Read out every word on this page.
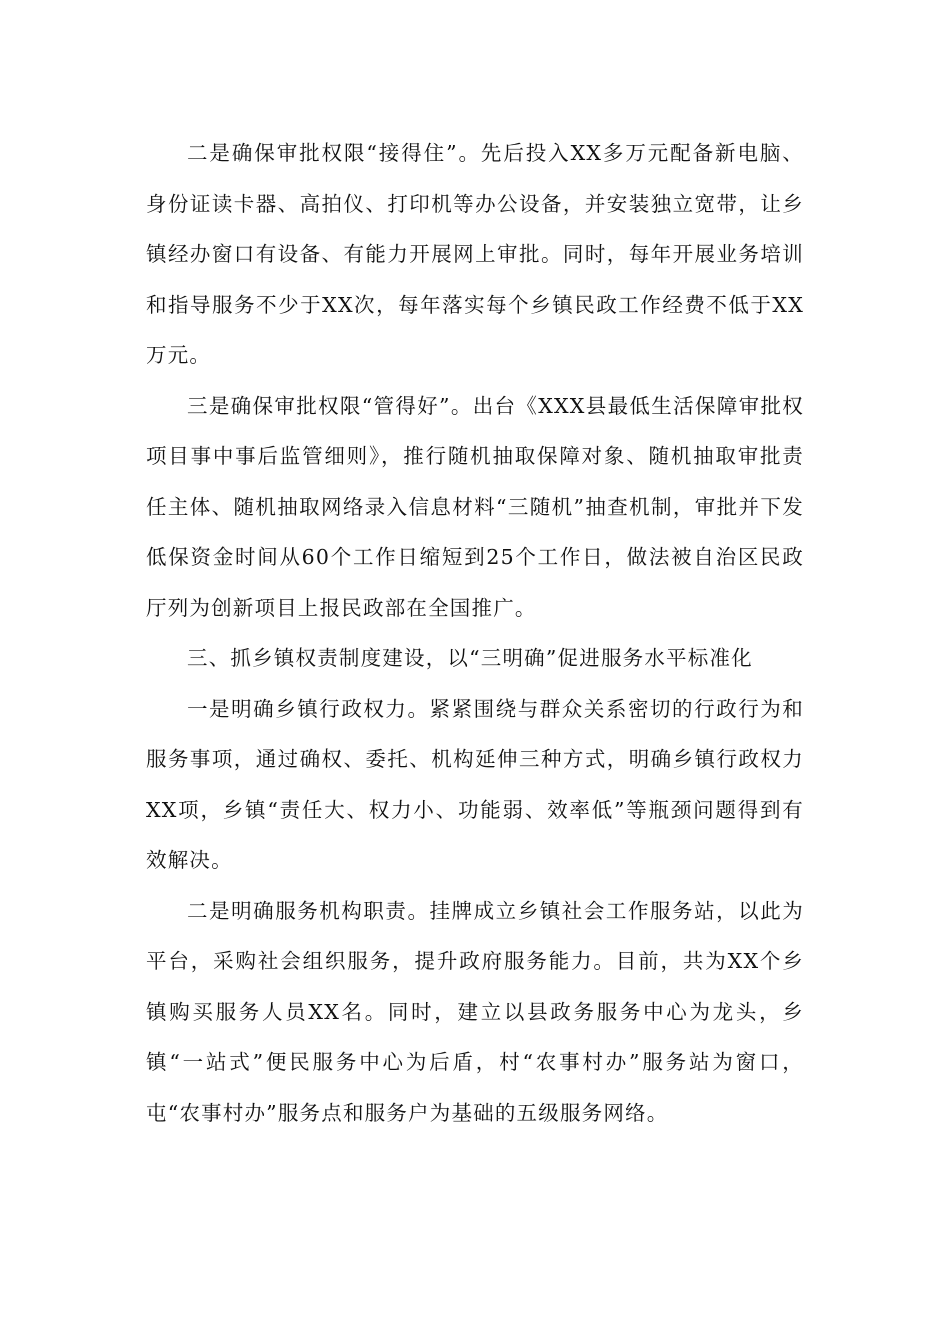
二是确保审批权限“接得住”。先后投入XX多万元配备新电脑、身份证读卡器、高拍仪、打印机等办公设备，并安装独立宽带，让乡镇经办窗口有设备、有能力开展网上审批。同时，每年开展业务培训和指导服务不少于XX次，每年落实每个乡镇民政工作经费不低于XX万元。

三是确保审批权限“管得好”。出台《XXX县最低生活保障审批权项目事中事后监管细则》，推行随机抽取保障对象、随机抽取审批责任主体、随机抽取网络录入信息材料“三随机”抽查机制，审批并下发低保资金时间从60个工作日缩短到25个工作日，做法被自治区民政厅列为创新项目上报民政部在全国推广。

三、抓乡镇权责制度建设，以“三明确”促进服务水平标准化

一是明确乡镇行政权力。紧紧围绕与群众关系密切的行政行为和服务事项，通过确权、委托、机构延伸三种方式，明确乡镇行政权力XX项，乡镇“责任大、权力小、功能弱、效率低”等瓶颈问题得到有效解决。

二是明确服务机构职责。挂牌成立乡镇社会工作服务站，以此为平台，采购社会组织服务，提升政府服务能力。目前，共为XX个乡镇购买服务人员XX名。同时，建立以县政务服务中心为龙头，乡镇“一站式”便民服务中心为后盾，村“农事村办”服务站为窗口，屯“农事村办”服务点和服务户为基础的五级服务网络。
